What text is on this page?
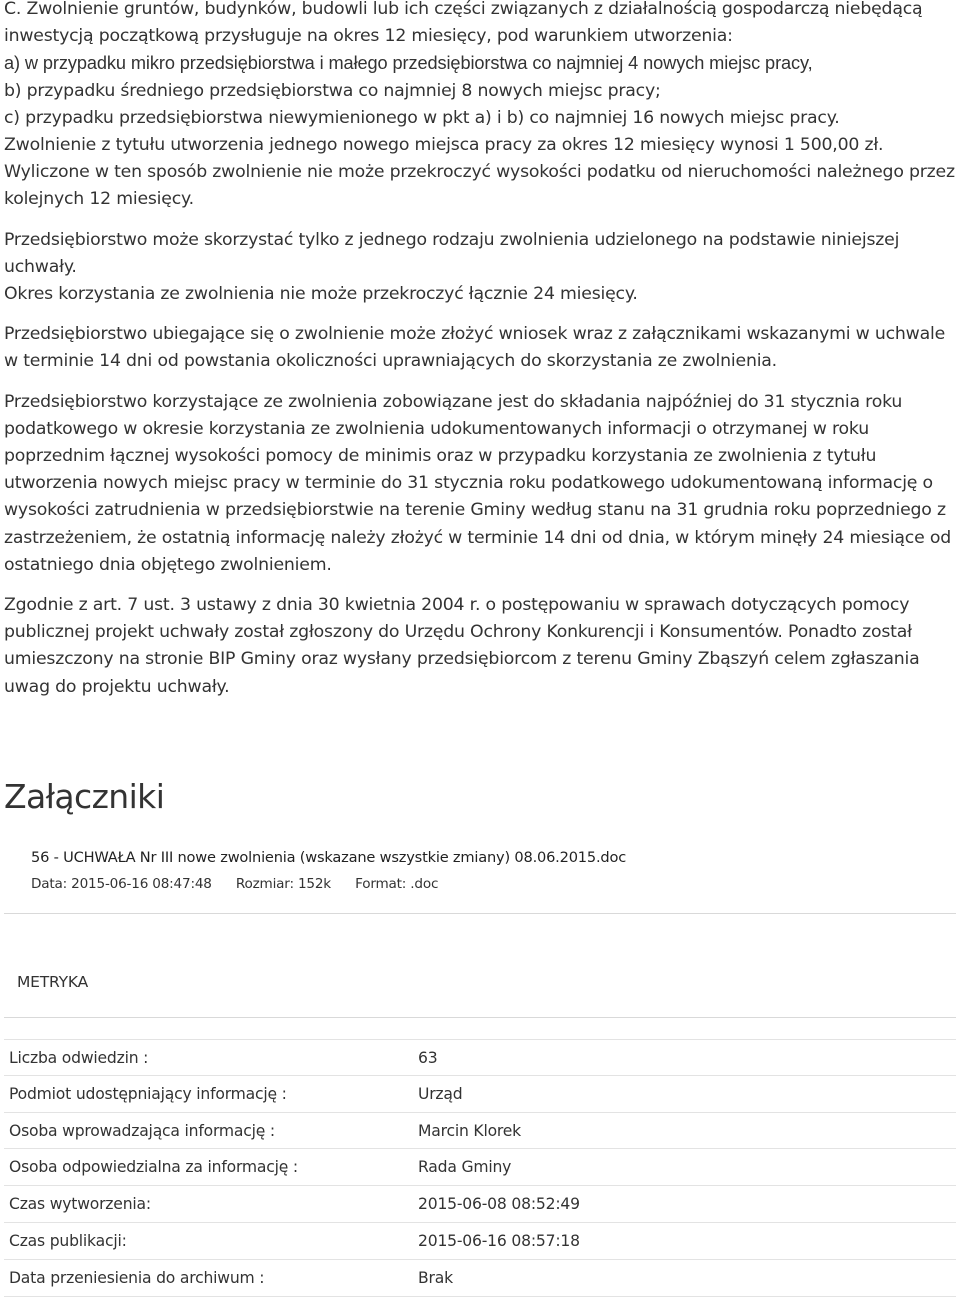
C. Zwolnienie gruntów, budynków, budowli lub ich części związanych z działalnością gospodarczą niebędącą inwestycją początkową przysługuje na okres 12 miesięcy, pod warunkiem utworzenia:

a) w przypadku mikro przedsiębiorstwa i małego przedsiębiorstwa co najmniej 4 nowych miejsc pracy,

b) przypadku średniego przedsiębiorstwa co najmniej 8 nowych miejsc pracy;

c) przypadku przedsiębiorstwa niewymienionego w pkt a) i b) co najmniej 16 nowych miejsc pracy.

Zwolnienie z tytułu utworzenia jednego nowego miejsca pracy za okres 12 miesięcy wynosi 1 500,00 zł.

Wyliczone w ten sposób zwolnienie nie może przekroczyć wysokości podatku od nieruchomości należnego przez kolejnych 12 miesięcy.

Przedsiębiorstwo może skorzystać tylko z jednego rodzaju zwolnienia udzielonego na podstawie niniejszej uchwały.

Okres korzystania ze zwolnienia nie może przekroczyć łącznie 24 miesięcy.

Przedsiębiorstwo ubiegające się o zwolnienie może złożyć wniosek wraz z załącznikami wskazanymi w uchwale w terminie 14 dni od powstania okoliczności uprawniających do skorzystania ze zwolnienia.

Przedsiębiorstwo korzystające ze zwolnienia zobowiązane jest do składania najpóźniej do 31 stycznia roku podatkowego w okresie korzystania ze zwolnienia udokumentowanych informacji o otrzymanej w roku poprzednim łącznej wysokości pomocy de minimis oraz w przypadku korzystania ze zwolnienia z tytułu utworzenia nowych miejsc pracy w terminie do 31 stycznia roku podatkowego udokumentowaną informację o wysokości zatrudnienia w przedsiębiorstwie na terenie Gminy według stanu na 31 grudnia roku poprzedniego z zastrzeżeniem, że ostatnią informację należy złożyć w terminie 14 dni od dnia, w którym minęły 24 miesiące od ostatniego dnia objętego zwolnieniem.

Zgodnie z art. 7 ust. 3 ustawy z dnia 30 kwietnia 2004 r. o postępowaniu w sprawach dotyczących pomocy publicznej projekt uchwały został zgłoszony do Urzędu Ochrony Konkurencji i Konsumentów. Ponadto został umieszczony na stronie BIP Gminy oraz wysłany przedsiębiorcom z terenu Gminy Zbąszyń celem zgłaszania uwag do projektu uchwały.

Załączniki
56 - UCHWAŁA Nr III nowe zwolnienia (wskazane wszystkie zmiany) 08.06.2015.doc
Data: 2015-06-16 08:47:48 Rozmiar: 152k Format: .doc
METRYKA
Liczba odwiedzin :	63
Podmiot udostępniający informację :	Urząd
Osoba wprowadzająca informację :	Marcin Klorek
Osoba odpowiedzialna za informację :	Rada Gminy
Czas wytworzenia:	2015-06-08 08:52:49
Czas publikacji:	2015-06-16 08:57:18
Data przeniesienia do archiwum :	Brak
